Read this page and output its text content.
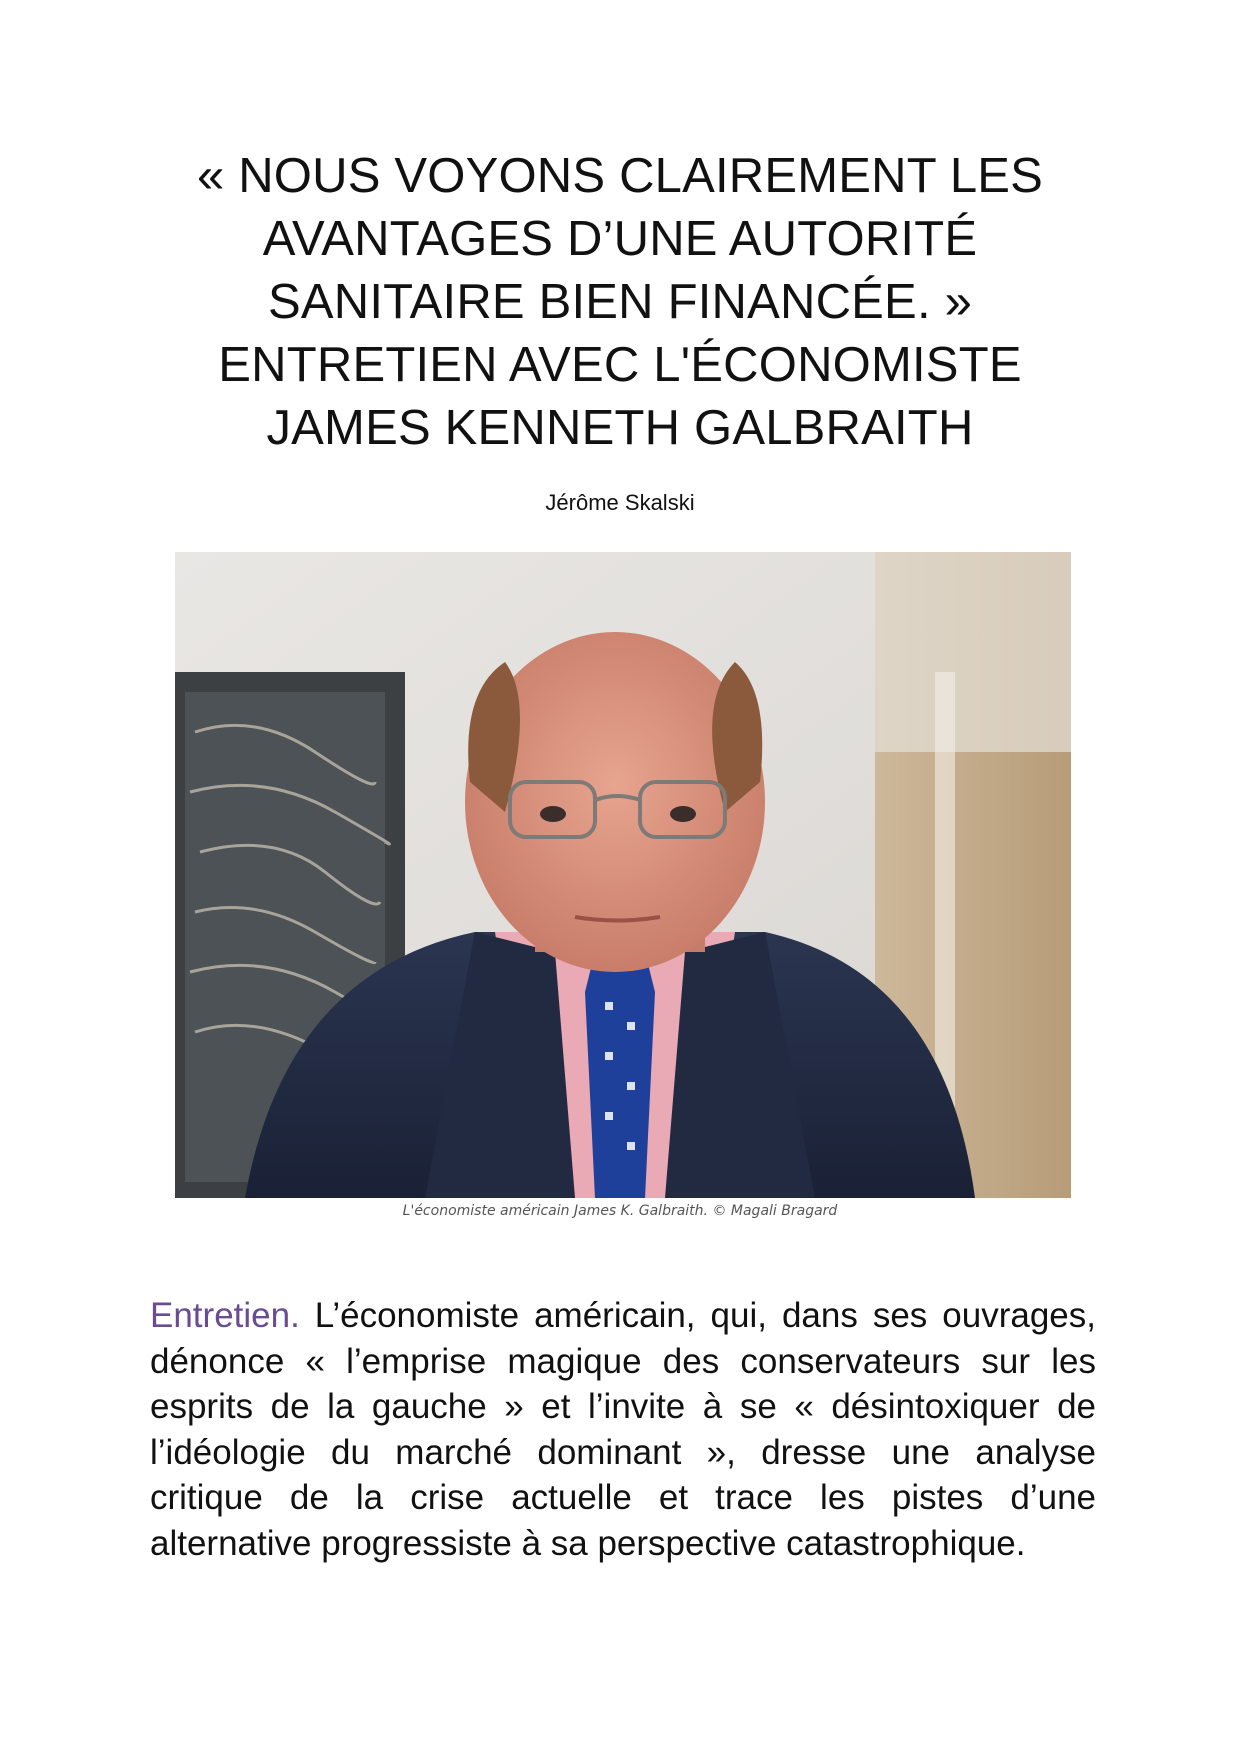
« NOUS VOYONS CLAIREMENT LES
AVANTAGES D’UNE AUTORITÉ
SANITAIRE BIEN FINANCÉE. »
ENTRETIEN AVEC L'ÉCONOMISTE
JAMES KENNETH GALBRAITH
Jérôme Skalski
L'économiste américain James K. Galbraith. © Magali Bragard

Entretien. L’économiste américain, qui, dans ses ouvrages, dénonce « l’emprise magique des conservateurs sur les esprits de la gauche » et l’invite à se « désintoxiquer de l’idéologie du marché dominant », dresse une analyse critique de la crise actuelle et trace les pistes d’une alternative progressiste à sa perspective catastrophique.
